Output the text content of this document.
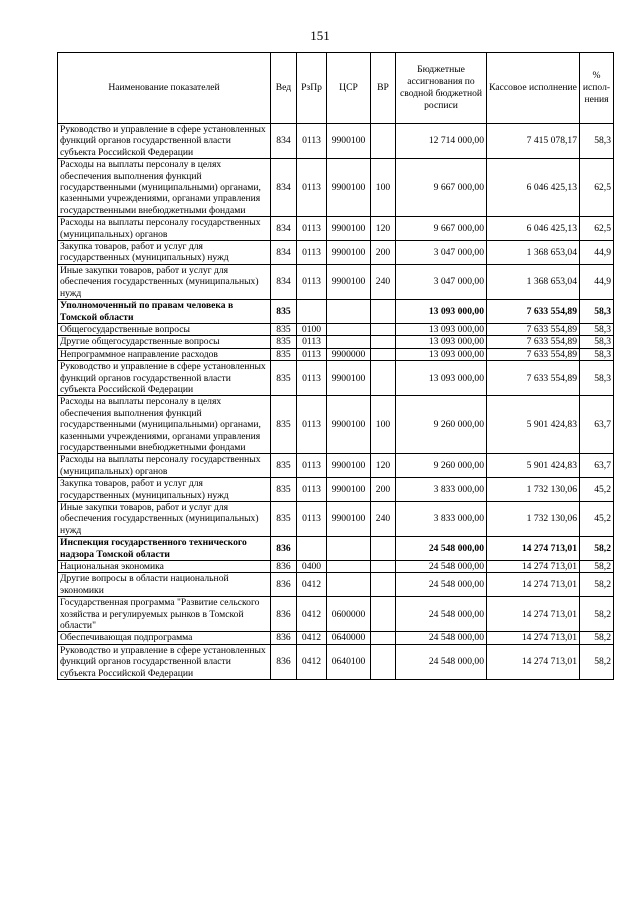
151
Наименование показателей	Вед	РзПр	ЦСР	ВР	Бюджетные ассигнования по сводной бюджетной росписи	Кассовое исполнение	% испол-нения
Руководство и управление в сфере установленных функций органов государственной власти субъекта Российской Федерации	834	0113	9900100		12 714 000,00	7 415 078,17	58,3
Расходы на выплаты персоналу в целях обеспечения выполнения функций государственными (муниципальными) органами, казенными учреждениями, органами управления государственными внебюджетными фондами	834	0113	9900100	100	9 667 000,00	6 046 425,13	62,5
Расходы на выплаты персоналу государственных (муниципальных) органов	834	0113	9900100	120	9 667 000,00	6 046 425,13	62,5
Закупка товаров, работ и услуг для государственных (муниципальных) нужд	834	0113	9900100	200	3 047 000,00	1 368 653,04	44,9
Иные закупки товаров, работ и услуг для обеспечения государственных (муниципальных) нужд	834	0113	9900100	240	3 047 000,00	1 368 653,04	44,9
Уполномоченный по правам человека в Томской области	835				13 093 000,00	7 633 554,89	58,3
Общегосударственные вопросы	835	0100			13 093 000,00	7 633 554,89	58,3
Другие общегосударственные вопросы	835	0113			13 093 000,00	7 633 554,89	58,3
Непрограммное направление расходов	835	0113	9900000		13 093 000,00	7 633 554,89	58,3
Руководство и управление в сфере установленных функций органов государственной власти субъекта Российской Федерации	835	0113	9900100		13 093 000,00	7 633 554,89	58,3
Расходы на выплаты персоналу в целях обеспечения выполнения функций государственными (муниципальными) органами, казенными учреждениями, органами управления государственными внебюджетными фондами	835	0113	9900100	100	9 260 000,00	5 901 424,83	63,7
Расходы на выплаты персоналу государственных (муниципальных) органов	835	0113	9900100	120	9 260 000,00	5 901 424,83	63,7
Закупка товаров, работ и услуг для государственных (муниципальных) нужд	835	0113	9900100	200	3 833 000,00	1 732 130,06	45,2
Иные закупки товаров, работ и услуг для обеспечения государственных (муниципальных) нужд	835	0113	9900100	240	3 833 000,00	1 732 130,06	45,2
Инспекция государственного технического надзора Томской области	836				24 548 000,00	14 274 713,01	58,2
Национальная экономика	836	0400			24 548 000,00	14 274 713,01	58,2
Другие вопросы в области национальной экономики	836	0412			24 548 000,00	14 274 713,01	58,2
Государственная программа "Развитие сельского хозяйства и регулируемых рынков в Томской области"	836	0412	0600000		24 548 000,00	14 274 713,01	58,2
Обеспечивающая подпрограмма	836	0412	0640000		24 548 000,00	14 274 713,01	58,2
Руководство и управление в сфере установленных функций органов государственной власти субъекта Российской Федерации	836	0412	0640100		24 548 000,00	14 274 713,01	58,2
